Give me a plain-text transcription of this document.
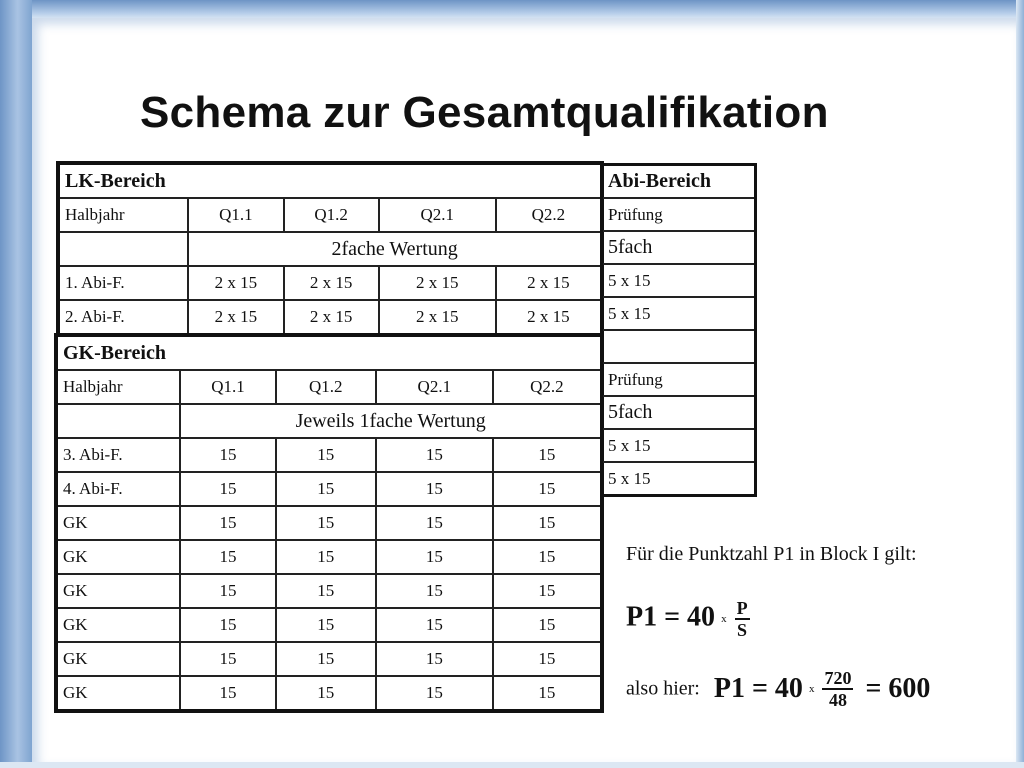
Schema zur Gesamtqualifikation
LK-Bereich				
Halbjahr	Q1.1	Q1.2	Q2.1	Q2.2
	2fache Wertung			
1. Abi-F.	2 x 15	2 x 15	2 x 15	2 x 15
2. Abi-F.	2 x 15	2 x 15	2 x 15	2 x 15
GK-Bereich				
Halbjahr	Q1.1	Q1.2	Q2.1	Q2.2
	Jeweils 1fache Wertung			
3. Abi-F.	15	15	15	15
4. Abi-F.	15	15	15	15
GK	15	15	15	15
GK	15	15	15	15
GK	15	15	15	15
GK	15	15	15	15
GK	15	15	15	15
GK	15	15	15	15
Abi-Bereich
Prüfung
5fach
5 x 15
5 x 15

Prüfung
5fach
5 x 15
5 x 15
Für die Punktzahl P1 in Block I gilt:
P1 = 40 x $\frac{P}{S}$
also hier: P1 = 40 x $\frac{720}{48} = 600$
